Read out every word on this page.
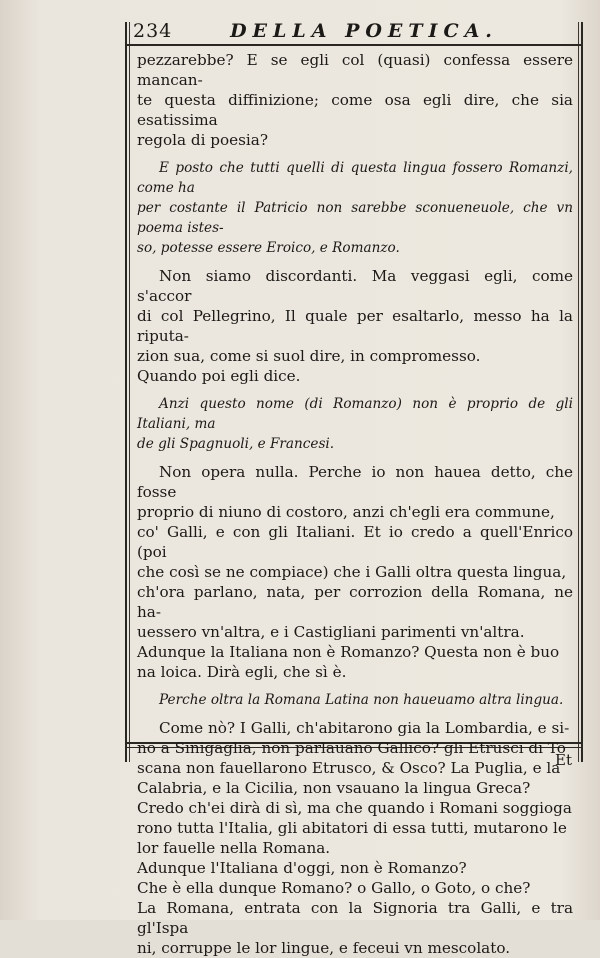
234	DELLA POETICA.

pezzarebbe? E se egli col (quasi) confessa essere mancan-

te questa diffinizione; come osa egli dire, che sia esatissima

regola di poesia?

E posto che tutti quelli di questa lingua fossero Romanzi, come ha

per costante il Patricio non sarebbe sconueneuole, che vn poema istes-

so, potesse essere Eroico, e Romanzo.

Non siamo discordanti. Ma veggasi egli, come s'accor

di col Pellegrino, Il quale per esaltarlo, messo ha la riputa-

zion sua, come si suol dire, in compromesso.

Quando poi egli dice.

Anzi questo nome (di Romanzo) non è proprio de gli Italiani, ma

de gli Spagnuoli, e Francesi.

Non opera nulla. Perche io non hauea detto, che fosse

proprio di niuno di costoro, anzi ch'egli era commune,

co' Galli, e con gli Italiani. Et io credo a quell'Enrico (poi

che così se ne compiace) che i Galli oltra questa lingua,

ch'ora parlano, nata, per corrozion della Romana, ne ha-

uessero vn'altra, e i Castigliani parimenti vn'altra.

Adunque la Italiana non è Romanzo? Questa non è buo

na loica. Dirà egli, che sì è.

Perche oltra la Romana Latina non haueuamo altra lingua.

Come nò? I Galli, ch'abitarono gia la Lombardia, e si-

no a Sinigaglia, non parlauano Gallico? gli Etrusci di To

scana non fauellarono Etrusco, & Osco? La Puglia, e la

Calabria, e la Cicilia, non vsauano la lingua Greca?

Credo ch'ei dirà di sì, ma che quando i Romani soggioga

rono tutta l'Italia, gli abitatori di essa tutti, mutarono le

lor fauelle nella Romana.

Adunque l'Italiana d'oggi, non è Romanzo?

Che è ella dunque Romano? o Gallo, o Goto, o che?

La Romana, entrata con la Signoria tra Galli, e tra gl'Ispa

ni, corruppe le lor lingue, e feceui vn mescolato.

Et
